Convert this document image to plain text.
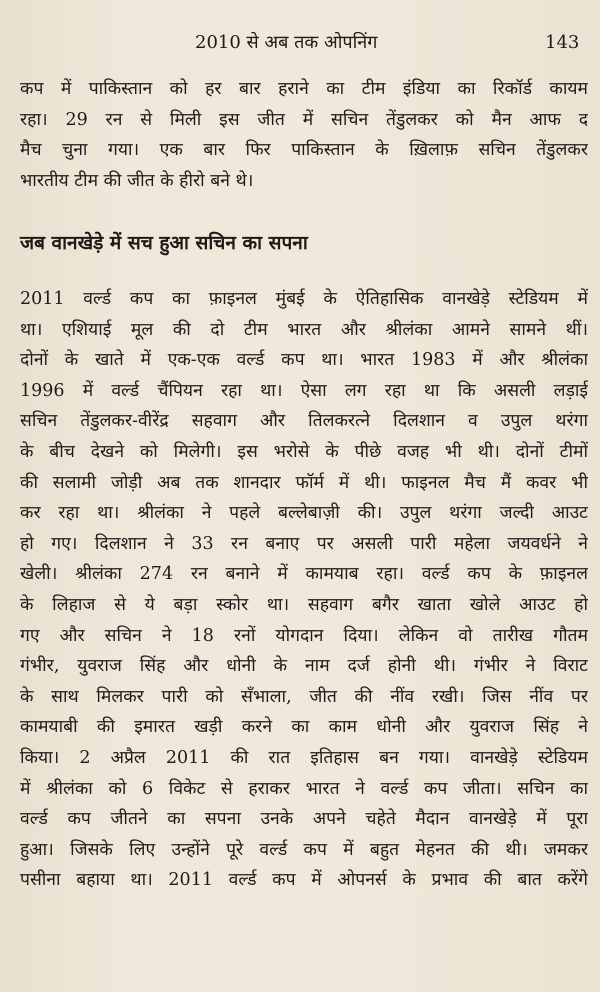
2010 से अब तक ओपनिंग	143
कप में पाकिस्तान को हर बार हराने का टीम इंडिया का रिकॉर्ड कायम
रहा। 29 रन से मिली इस जीत में सचिन तेंडुलकर को मैन आफ द
मैच चुना गया। एक बार फिर पाकिस्तान के ख़िलाफ़ सचिन तेंडुलकर
भारतीय टीम की जीत के हीरो बने थे।
जब वानखेड़े में सच हुआ सचिन का सपना
2011 वर्ल्ड कप का फ़ाइनल मुंबई के ऐतिहासिक वानखेड़े स्टेडियम में
था। एशियाई मूल की दो टीम भारत और श्रीलंका आमने सामने थीं।
दोनों के खाते में एक-एक वर्ल्ड कप था। भारत 1983 में और श्रीलंका
1996 में वर्ल्ड चैंपियन रहा था। ऐसा लग रहा था कि असली लड़ाई
सचिन तेंडुलकर-वीरेंद्र सहवाग और तिलकरत्ने दिलशान व उपुल थरंगा
के बीच देखने को मिलेगी। इस भरोसे के पीछे वजह भी थी। दोनों टीमों
की सलामी जोड़ी अब तक शानदार फॉर्म में थी। फाइनल मैच मैं कवर भी
कर रहा था। श्रीलंका ने पहले बल्लेबाज़ी की। उपुल थरंगा जल्दी आउट
हो गए। दिलशान ने 33 रन बनाए पर असली पारी महेला जयवर्धने ने
खेली। श्रीलंका 274 रन बनाने में कामयाब रहा। वर्ल्ड कप के फ़ाइनल
के लिहाज से ये बड़ा स्कोर था। सहवाग बगैर खाता खोले आउट हो
गए और सचिन ने 18 रनों योगदान दिया। लेकिन वो तारीख गौतम
गंभीर, युवराज सिंह और धोनी के नाम दर्ज होनी थी। गंभीर ने विराट
के साथ मिलकर पारी को सँभाला, जीत की नींव रखी। जिस नींव पर
कामयाबी की इमारत खड़ी करने का काम धोनी और युवराज सिंह ने
किया। 2 अप्रैल 2011 की रात इतिहास बन गया। वानखेड़े स्टेडियम
में श्रीलंका को 6 विकेट से हराकर भारत ने वर्ल्ड कप जीता। सचिन का
वर्ल्ड कप जीतने का सपना उनके अपने चहेते मैदान वानखेड़े में पूरा
हुआ। जिसके लिए उन्होंने पूरे वर्ल्ड कप में बहुत मेहनत की थी। जमकर
पसीना बहाया था। 2011 वर्ल्ड कप में ओपनर्स के प्रभाव की बात करेंगे
